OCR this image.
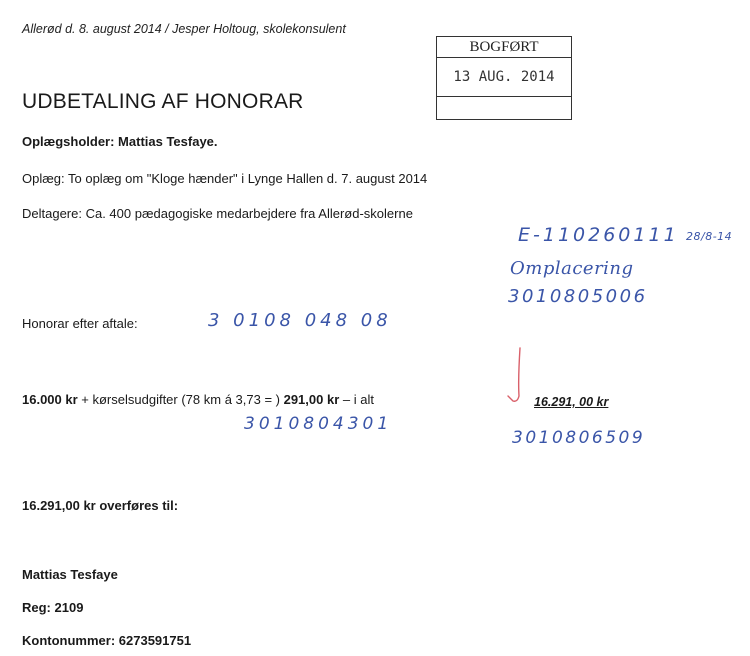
Allerød d. 8. august 2014 / Jesper Holtoug, skolekonsulent
BOGFØRT
13 AUG. 2014
UDBETALING AF HONORAR
Oplægsholder: Mattias Tesfaye.
Oplæg: To oplæg om "Kloge hænder" i Lynge Hallen d. 7. august 2014
Deltagere: Ca. 400 pædagogiske medarbejdere fra Allerød-skolerne
E-110260111 28/8-14
Omplacering
3010805006
Honorar efter aftale:	3 0108 048 08
16.000 kr + kørselsudgifter (78 km á 3,73 = ) 291,00 kr – i alt	16.291, 00 kr
3010804301
3010806509
16.291,00 kr overføres til:
Mattias Tesfaye
Reg: 2109
Kontonummer: 6273591751
